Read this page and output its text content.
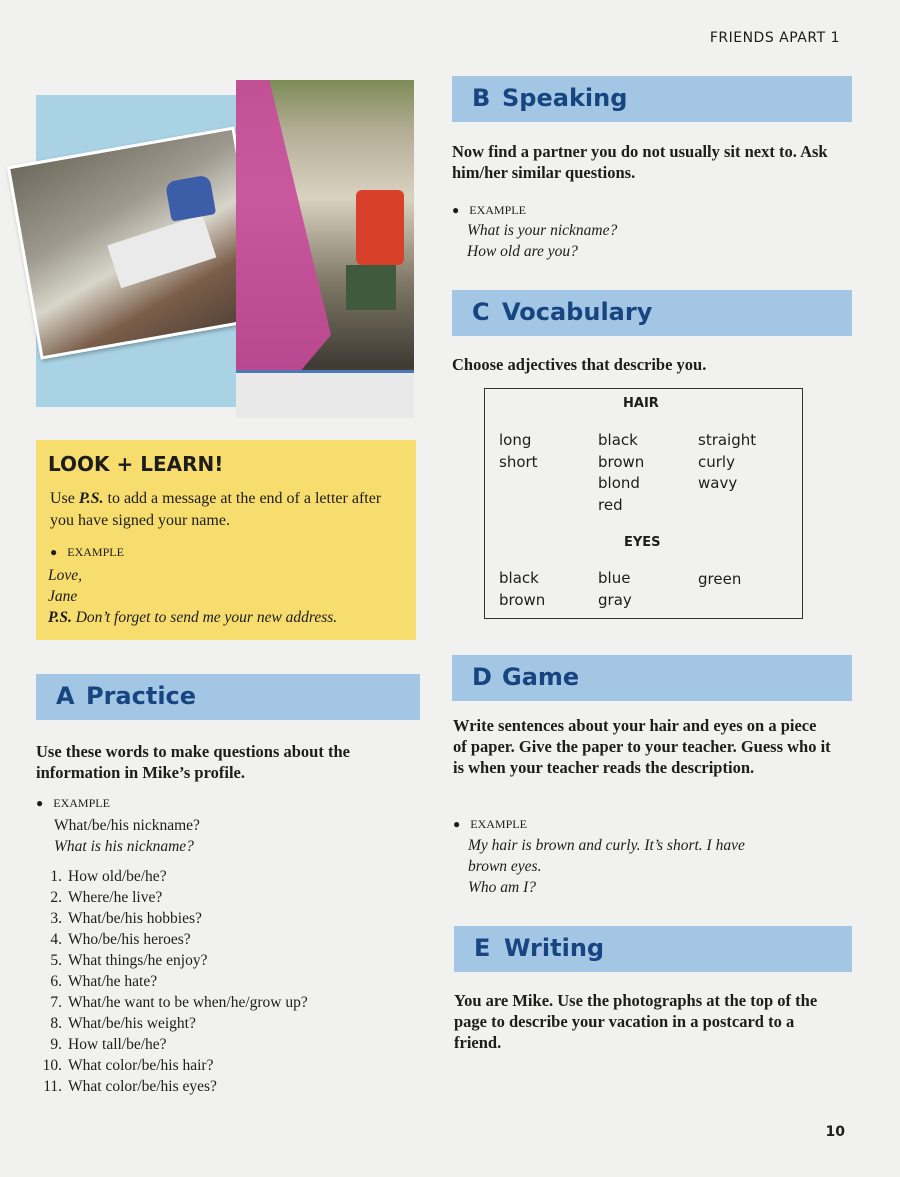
FRIENDS APART 1
10
LOOK + LEARN!
Use P.S. to add a message at the end of a letter after you have signed your name.
● EXAMPLE
Love,
Jane
P.S. Don’t forget to send me your new address.
A Practice
Use these words to make questions about the information in Mike’s profile.
● EXAMPLE
What/be/his nickname?
What is his nickname?
1. How old/be/he?
2. Where/he live?
3. What/be/his hobbies?
4. Who/be/his heroes?
5. What things/he enjoy?
6. What/he hate?
7. What/he want to be when/he/grow up?
8. What/be/his weight?
9. How tall/be/he?
10. What color/be/his hair?
11. What color/be/his eyes?
B Speaking
Now find a partner you do not usually sit next to. Ask him/her similar questions.
● EXAMPLE
What is your nickname?
How old are you?
C Vocabulary
Choose adjectives that describe you.
HAIR
long
short
black
brown
blond
red
straight
curly
wavy
EYES
black
brown
blue
gray
green
D Game
Write sentences about your hair and eyes on a piece of paper. Give the paper to your teacher. Guess who it is when your teacher reads the description.
● EXAMPLE
My hair is brown and curly. It’s short. I have
brown eyes.
Who am I?
E Writing
You are Mike. Use the photographs at the top of the page to describe your vacation in a postcard to a friend.
